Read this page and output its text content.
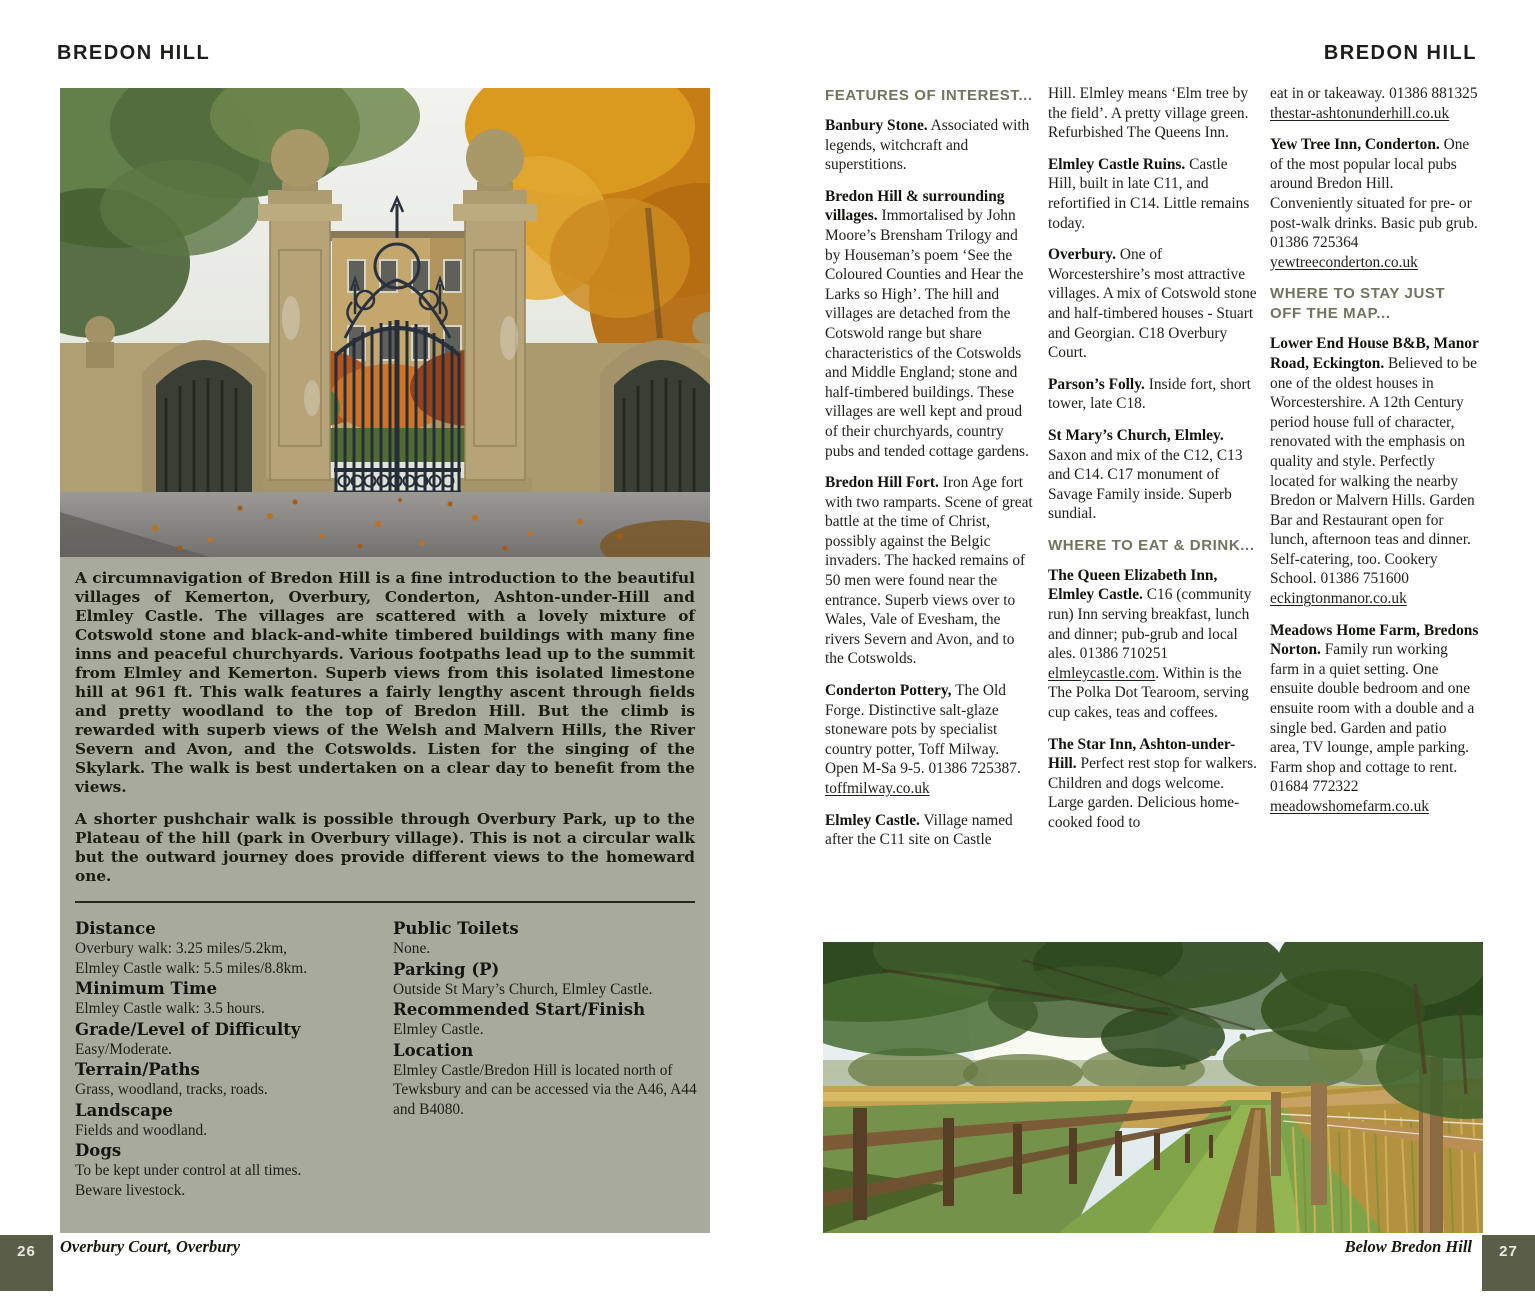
BREDON HILL	BREDON HILL

A circumnavigation of Bredon Hill is a fine introduction to the beautiful villages of Kemerton, Overbury, Conderton, Ashton-under-Hill and Elmley Castle. The villages are scattered with a lovely mixture of Cotswold stone and black-and-white timbered buildings with many fine inns and peaceful churchyards. Various footpaths lead up to the summit from Elmley and Kemerton. Superb views from this isolated limestone hill at 961 ft. This walk features a fairly lengthy ascent through fields and pretty woodland to the top of Bredon Hill. But the climb is rewarded with superb views of the Welsh and Malvern Hills, the River Severn and Avon, and the Cotswolds. Listen for the singing of the Skylark. The walk is best undertaken on a clear day to benefit from the views.

A shorter pushchair walk is possible through Overbury Park, up to the Plateau of the hill (park in Overbury village). This is not a circular walk but the outward journey does provide different views to the homeward one.

Distance
Overbury walk: 3.25 miles/5.2km,
Elmley Castle walk: 5.5 miles/8.8km.
Minimum Time
Elmley Castle walk: 3.5 hours.
Grade/Level of Difficulty
Easy/Moderate.
Terrain/Paths
Grass, woodland, tracks, roads.
Landscape
Fields and woodland.
Dogs
To be kept under control at all times.
Beware livestock.
Public Toilets
None.
Parking (P)
Outside St Mary’s Church, Elmley Castle.
Recommended Start/Finish
Elmley Castle.
Location
Elmley Castle/Bredon Hill is located north of Tewksbury and can be accessed via the A46, A44 and B4080.
FEATURES OF INTEREST...

Banbury Stone. Associated with legends, witchcraft and superstitions.

Bredon Hill & surrounding villages. Immortalised by John Moore’s Brensham Trilogy and by Houseman’s poem ‘See the Coloured Counties and Hear the Larks so High’. The hill and villages are detached from the Cotswold range but share characteristics of the Cotswolds and Middle England; stone and half-timbered buildings. These villages are well kept and proud of their churchyards, country pubs and tended cottage gardens.

Bredon Hill Fort. Iron Age fort with two ramparts. Scene of great battle at the time of Christ, possibly against the Belgic invaders. The hacked remains of 50 men were found near the entrance. Superb views over to Wales, Vale of Evesham, the rivers Severn and Avon, and to the Cotswolds.

Conderton Pottery, The Old Forge. Distinctive salt-glaze stoneware pots by specialist country potter, Toff Milway. Open M-Sa 9-5. 01386 725387. toffmilway.co.uk

Elmley Castle. Village named after the C11 site on Castle

Hill. Elmley means ‘Elm tree by the field’. A pretty village green. Refurbished The Queens Inn.

Elmley Castle Ruins. Castle Hill, built in late C11, and refortified in C14. Little remains today.

Overbury. One of Worcestershire’s most attractive villages. A mix of Cotswold stone and half-timbered houses - Stuart and Georgian. C18 Overbury Court.

Parson’s Folly. Inside fort, short tower, late C18.

St Mary’s Church, Elmley. Saxon and mix of the C12, C13 and C14. C17 monument of Savage Family inside. Superb sundial.

WHERE TO EAT & DRINK...

The Queen Elizabeth Inn, Elmley Castle. C16 (community run) Inn serving breakfast, lunch and dinner; pub-grub and local ales. 01386 710251 elmleycastle.com. Within is the The Polka Dot Tearoom, serving cup cakes, teas and coffees.

The Star Inn, Ashton-under-Hill. Perfect rest stop for walkers. Children and dogs welcome. Large garden. Delicious home-cooked food to

eat in or takeaway. 01386 881325 thestar-ashtonunderhill.co.uk

Yew Tree Inn, Conderton. One of the most popular local pubs around Bredon Hill. Conveniently situated for pre- or post-walk drinks. Basic pub grub. 01386 725364 yewtreeconderton.co.uk

WHERE TO STAY JUST OFF THE MAP...

Lower End House B&B, Manor Road, Eckington. Believed to be one of the oldest houses in Worcestershire. A 12th Century period house full of character, renovated with the emphasis on quality and style. Perfectly located for walking the nearby Bredon or Malvern Hills. Garden Bar and Restaurant open for lunch, afternoon teas and dinner. Self-catering, too. Cookery School. 01386 751600 eckingtonmanor.co.uk

Meadows Home Farm, Bredons Norton. Family run working farm in a quiet setting. One ensuite double bedroom and one ensuite room with a double and a single bed. Garden and patio area, TV lounge, ample parking. Farm shop and cottage to rent. 01684 772322 meadowshomefarm.co.uk

26	Overbury Court, Overbury	Below Bredon Hill	27
